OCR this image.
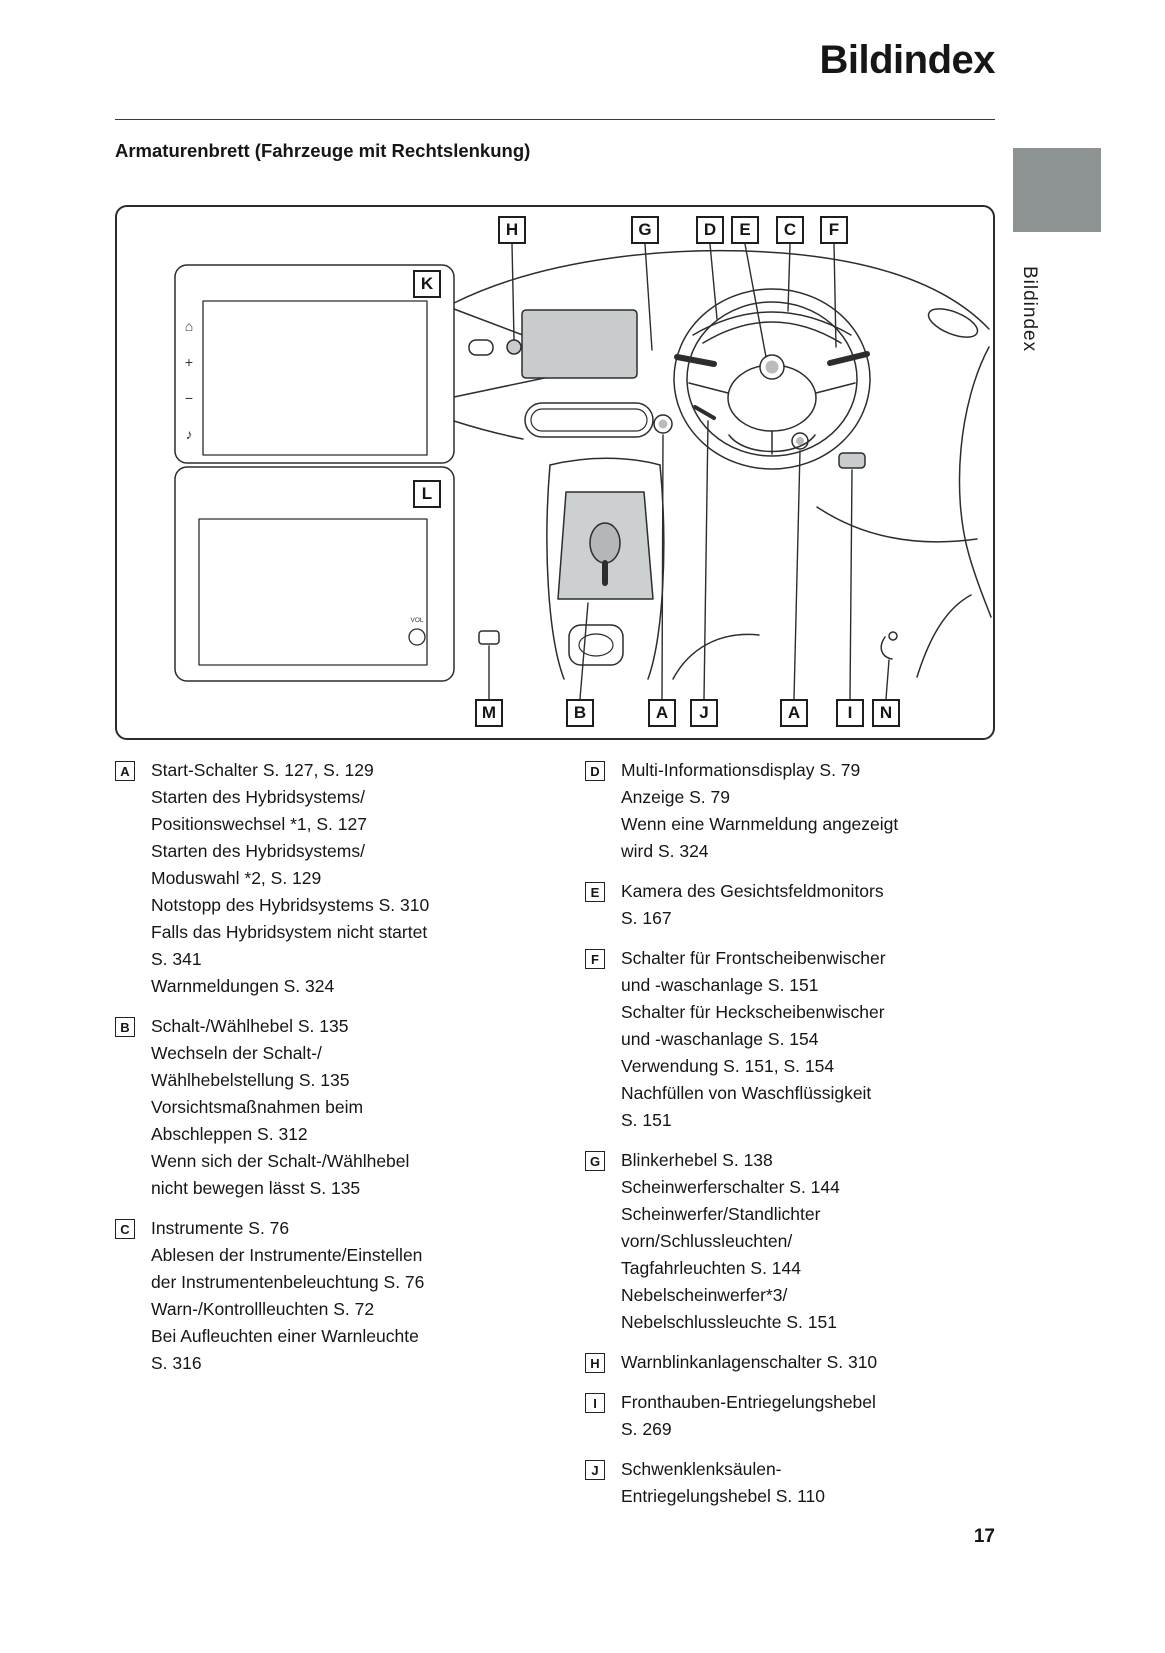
Bildindex
Armaturenbrett (Fahrzeuge mit Rechtslenkung)
Bildindex
⌂
+
−
♪
VOL
H	G	D	E	C	F
K
L
M	B	A	J	A	I	N
A	Start-Schalter S. 127, S. 129
Starten des Hybridsystems/
Positionswechsel *1, S. 127
Starten des Hybridsystems/
Moduswahl *2, S. 129
Notstopp des Hybridsystems S. 310
Falls das Hybridsystem nicht startet
S. 341
Warnmeldungen S. 324
B	Schalt-/Wählhebel S. 135
Wechseln der Schalt-/
Wählhebelstellung S. 135
Vorsichtsmaßnahmen beim
Abschleppen S. 312
Wenn sich der Schalt-/Wählhebel
nicht bewegen lässt S. 135
C	Instrumente S. 76
Ablesen der Instrumente/Einstellen
der Instrumentenbeleuchtung S. 76
Warn-/Kontrollleuchten S. 72
Bei Aufleuchten einer Warnleuchte
S. 316
D	Multi-Informationsdisplay S. 79
Anzeige S. 79
Wenn eine Warnmeldung angezeigt
wird S. 324
E	Kamera des Gesichtsfeldmonitors
S. 167
F	Schalter für Frontscheibenwischer
und -waschanlage S. 151
Schalter für Heckscheibenwischer
und -waschanlage S. 154
Verwendung S. 151, S. 154
Nachfüllen von Waschflüssigkeit
S. 151
G Blinkerhebel S. 138
Scheinwerferschalter S. 144
Scheinwerfer/Standlichter
vorn/Schlussleuchten/
Tagfahrleuchten S. 144
Nebelscheinwerfer*3/
Nebelschlussleuchte S. 151
H	Warnblinkanlagenschalter S. 310
I	Fronthauben-Entriegelungshebel
S. 269
J	Schwenklenksäulen-
Entriegelungshebel S. 110
17
